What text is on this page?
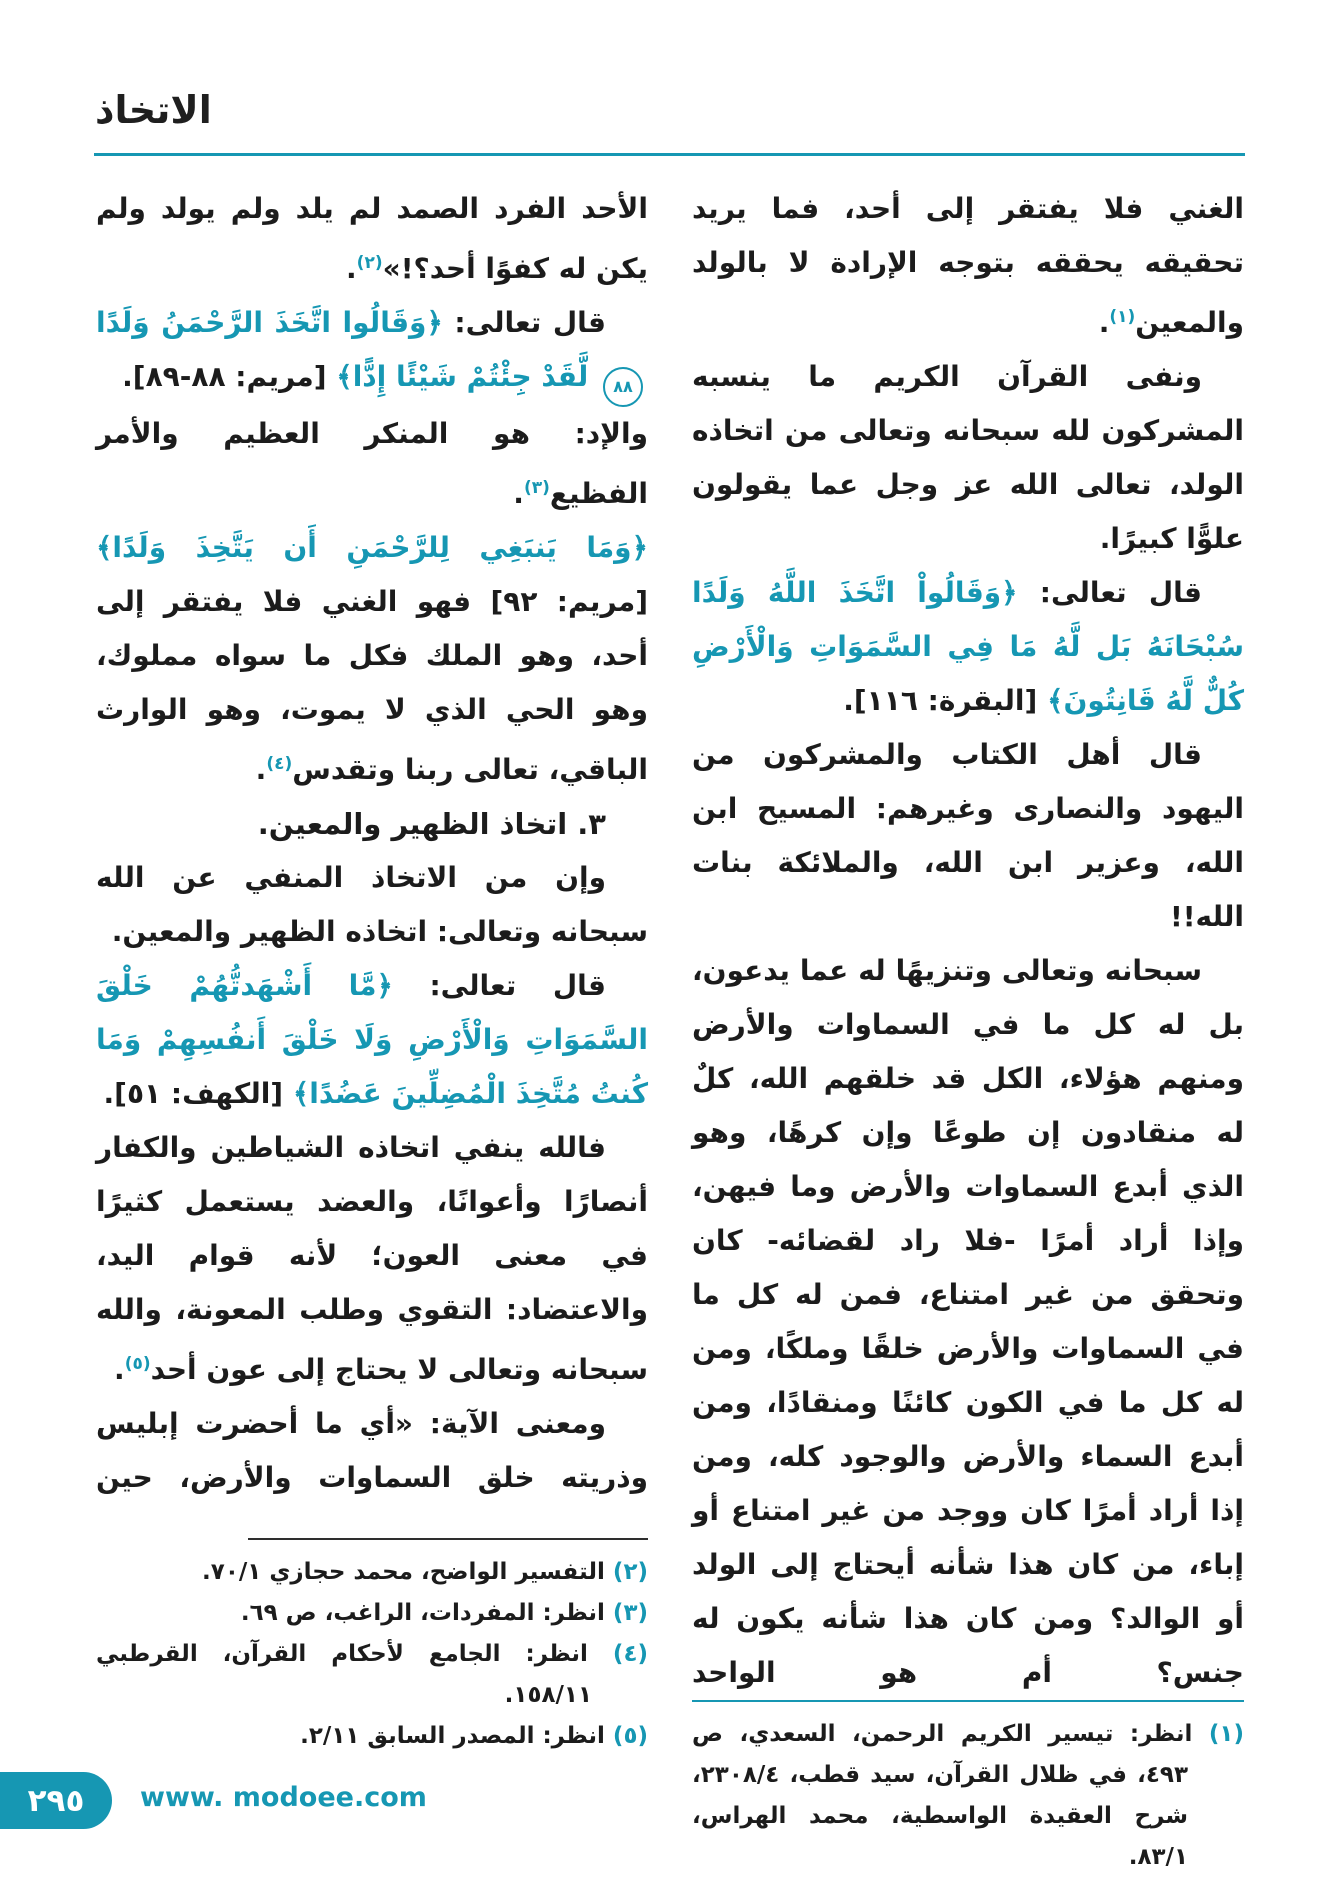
الاتخاذ

الغني فلا يفتقر إلى أحد، فما يريد تحقيقه يحققه بتوجه الإرادة لا بالولد والمعين$^{(١)}$.

ونفى القرآن الكريم ما ينسبه المشركون لله سبحانه وتعالى من اتخاذه الولد، تعالى الله عز وجل عما يقولون علوًّا كبيرًا.

قال تعالى: ﴿وَقَالُواْ اتَّخَذَ اللَّهُ وَلَدًا سُبْحَانَهُ بَل لَّهُ مَا فِي السَّمَوَاتِ وَالْأَرْضِ كُلٌّ لَّهُ قَانِتُونَ﴾ [البقرة: ١١٦].

قال أهل الكتاب والمشركون من اليهود والنصارى وغيرهم: المسيح ابن الله، وعزير ابن الله، والملائكة بنات الله!!

سبحانه وتعالى وتنزيهًا له عما يدعون، بل له كل ما في السماوات والأرض ومنهم هؤلاء، الكل قد خلقهم الله، كلٌ له منقادون إن طوعًا وإن كرهًا، وهو الذي أبدع السماوات والأرض وما فيهن، وإذا أراد أمرًا -فلا راد لقضائه- كان وتحقق من غير امتناع، فمن له كل ما في السماوات والأرض خلقًا وملكًا، ومن له كل ما في الكون كائنًا ومنقادًا، ومن أبدع السماء والأرض والوجود كله، ومن إذا أراد أمرًا كان ووجد من غير امتناع أو إباء، من كان هذا شأنه أيحتاج إلى الولد أو الوالد؟ ومن كان هذا شأنه يكون له جنس؟ أم هو الواحد

(١) انظر: تيسير الكريم الرحمن، السعدي، ص ٤٩٣، في ظلال القرآن، سيد قطب، ٢٣٠٨/٤، شرح العقيدة الواسطية، محمد الهراس، ٨٣/١.

الأحد الفرد الصمد لم يلد ولم يولد ولم يكن له كفوًا أحد؟!»$^{(٢)}$.

قال تعالى: ﴿وَقَالُوا اتَّخَذَ الرَّحْمَنُ وَلَدًا ٨٨ لَّقَدْ جِئْتُمْ شَيْئًا إِدًّا﴾ [مريم: ٨٨-٨٩].

والإد: هو المنكر العظيم والأمر الفظيع$^{(٣)}$.

﴿وَمَا يَنبَغِي لِلرَّحْمَنِ أَن يَتَّخِذَ وَلَدًا﴾ [مريم: ٩٢] فهو الغني فلا يفتقر إلى أحد، وهو الملك فكل ما سواه مملوك، وهو الحي الذي لا يموت، وهو الوارث الباقي، تعالى ربنا وتقدس$^{(٤)}$.

٣. اتخاذ الظهير والمعين.

وإن من الاتخاذ المنفي عن الله سبحانه وتعالى: اتخاذه الظهير والمعين.

قال تعالى: ﴿مَّا أَشْهَدتُّهُمْ خَلْقَ السَّمَوَاتِ وَالْأَرْضِ وَلَا خَلْقَ أَنفُسِهِمْ وَمَا كُنتُ مُتَّخِذَ الْمُضِلِّينَ عَضُدًا﴾ [الكهف: ٥١].

فالله ينفي اتخاذه الشياطين والكفار أنصارًا وأعوانًا، والعضد يستعمل كثيرًا في معنى العون؛ لأنه قوام اليد، والاعتضاد: التقوي وطلب المعونة، والله سبحانه وتعالى لا يحتاج إلى عون أحد$^{(٥)}$.

ومعنى الآية: «أي ما أحضرت إبليس وذريته خلق السماوات والأرض، حين

(٢) التفسير الواضح، محمد حجازي ٧٠/١.
(٣) انظر: المفردات، الراغب، ص ٦٩.
(٤) انظر: الجامع لأحكام القرآن، القرطبي ١٥٨/١١.
(٥) انظر: المصدر السابق ٢/١١.
٢٩٥ www. modoee.com
